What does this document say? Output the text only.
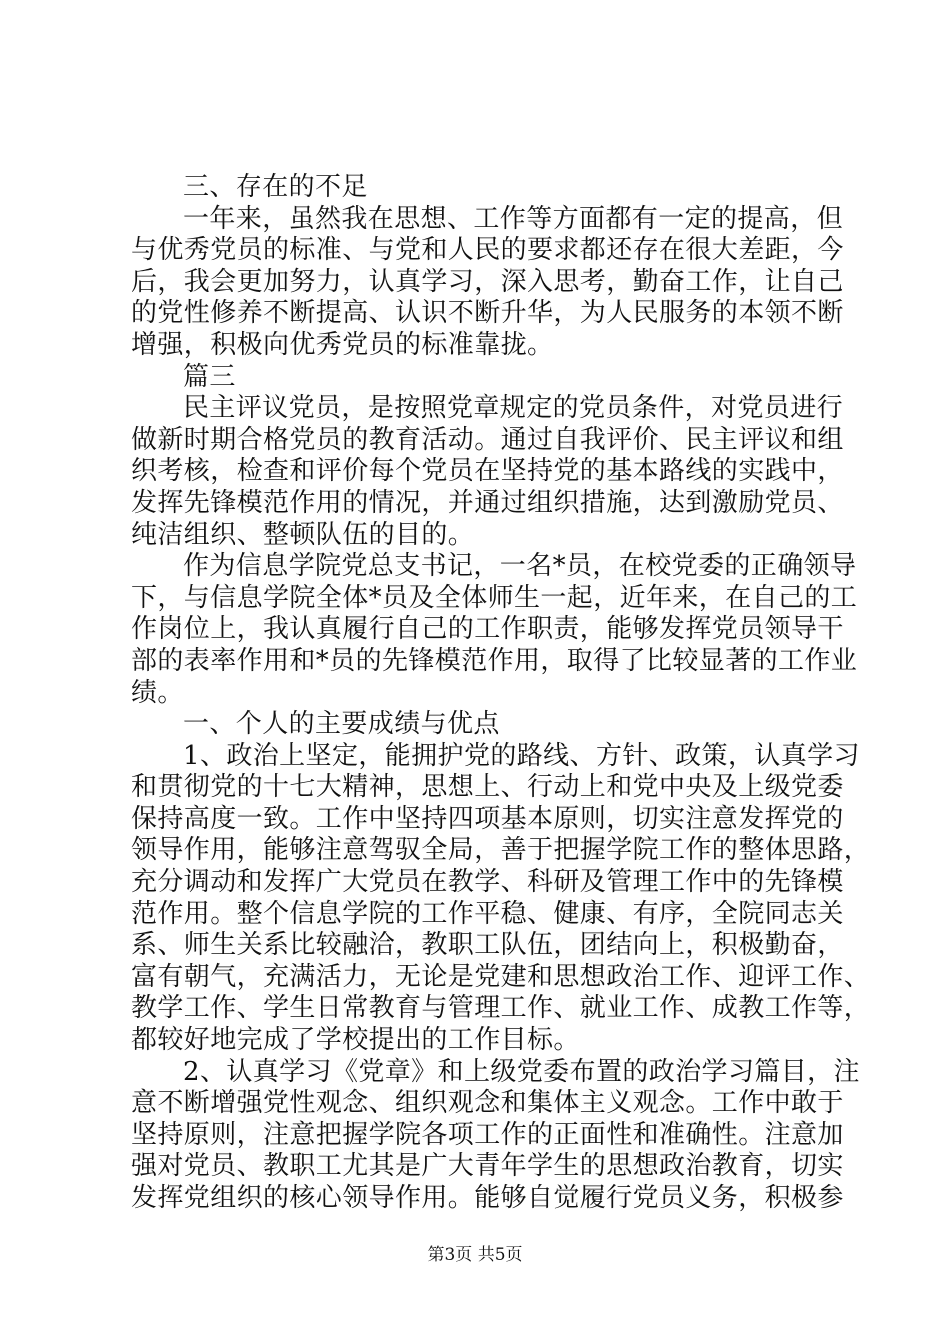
三、存在的不足
一年来，虽然我在思想、工作等方面都有一定的提高，但
与优秀党员的标准、与党和人民的要求都还存在很大差距，今
后，我会更加努力，认真学习，深入思考，勤奋工作，让自己
的党性修养不断提高、认识不断升华，为人民服务的本领不断
增强，积极向优秀党员的标准靠拢。
篇三
民主评议党员，是按照党章规定的党员条件，对党员进行
做新时期合格党员的教育活动。通过自我评价、民主评议和组
织考核，检查和评价每个党员在坚持党的基本路线的实践中，
发挥先锋模范作用的情况，并通过组织措施，达到激励党员、
纯洁组织、整顿队伍的目的。
作为信息学院党总支书记，一名*员，在校党委的正确领导
下，与信息学院全体*员及全体师生一起，近年来，在自己的工
作岗位上，我认真履行自己的工作职责，能够发挥党员领导干
部的表率作用和*员的先锋模范作用，取得了比较显著的工作业
绩。
一、个人的主要成绩与优点
1、政治上坚定，能拥护党的路线、方针、政策，认真学习
和贯彻党的十七大精神，思想上、行动上和党中央及上级党委
保持高度一致。工作中坚持四项基本原则，切实注意发挥党的
领导作用，能够注意驾驭全局，善于把握学院工作的整体思路，
充分调动和发挥广大党员在教学、科研及管理工作中的先锋模
范作用。整个信息学院的工作平稳、健康、有序，全院同志关
系、师生关系比较融洽，教职工队伍，团结向上，积极勤奋，
富有朝气，充满活力，无论是党建和思想政治工作、迎评工作、
教学工作、学生日常教育与管理工作、就业工作、成教工作等，
都较好地完成了学校提出的工作目标。
2、认真学习《党章》和上级党委布置的政治学习篇目，注
意不断增强党性观念、组织观念和集体主义观念。工作中敢于
坚持原则，注意把握学院各项工作的正面性和准确性。注意加
强对党员、教职工尤其是广大青年学生的思想政治教育，切实
发挥党组织的核心领导作用。能够自觉履行党员义务，积极参
第3页 共5页
